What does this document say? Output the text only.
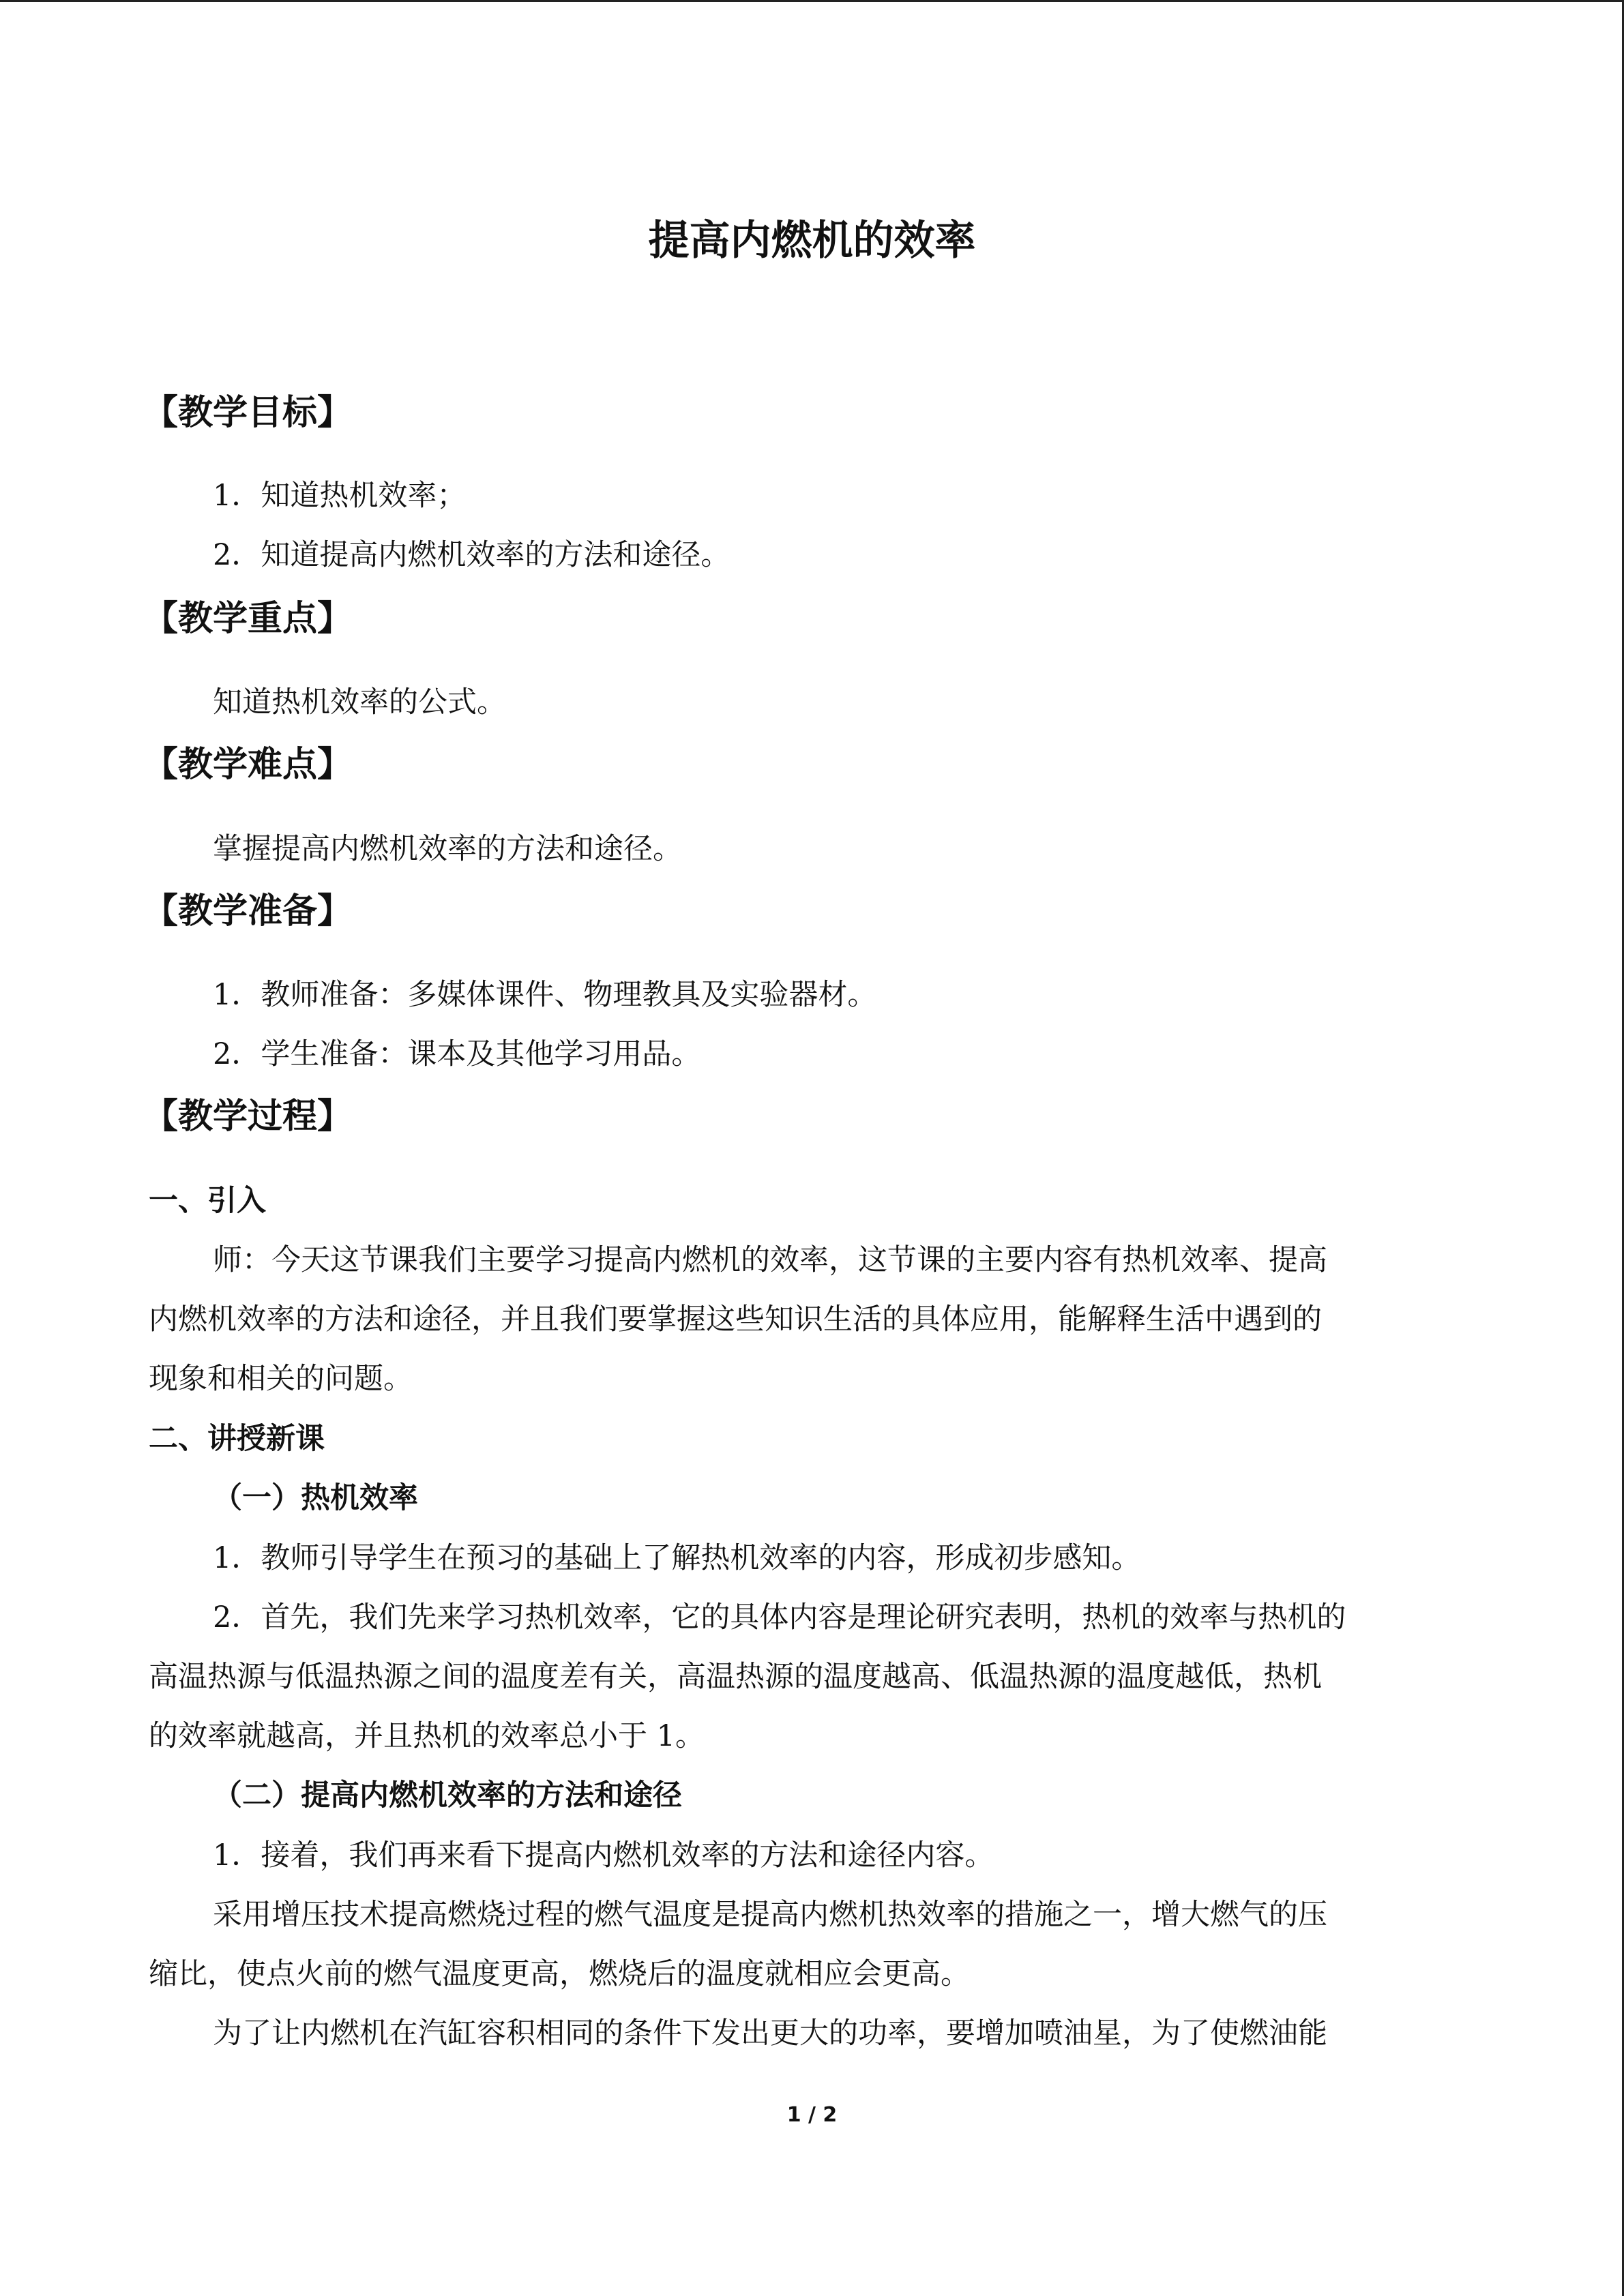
提高内燃机的效率
【教学目标】
1．知道热机效率；
2．知道提高内燃机效率的方法和途径。
【教学重点】
知道热机效率的公式。
【教学难点】
掌握提高内燃机效率的方法和途径。
【教学准备】
1．教师准备：多媒体课件、物理教具及实验器材。
2．学生准备：课本及其他学习用品。
【教学过程】
一、引入
师：今天这节课我们主要学习提高内燃机的效率，这节课的主要内容有热机效率、提高
内燃机效率的方法和途径，并且我们要掌握这些知识生活的具体应用，能解释生活中遇到的
现象和相关的问题。
二、讲授新课
（一）热机效率
1．教师引导学生在预习的基础上了解热机效率的内容，形成初步感知。
2．首先，我们先来学习热机效率，它的具体内容是理论研究表明，热机的效率与热机的
高温热源与低温热源之间的温度差有关，高温热源的温度越高、低温热源的温度越低，热机
的效率就越高，并且热机的效率总小于 1。
（二）提高内燃机效率的方法和途径
1．接着，我们再来看下提高内燃机效率的方法和途径内容。
采用增压技术提高燃烧过程的燃气温度是提高内燃机热效率的措施之一，增大燃气的压
缩比，使点火前的燃气温度更高，燃烧后的温度就相应会更高。
为了让内燃机在汽缸容积相同的条件下发出更大的功率，要增加喷油星，为了使燃油能
1 / 2
